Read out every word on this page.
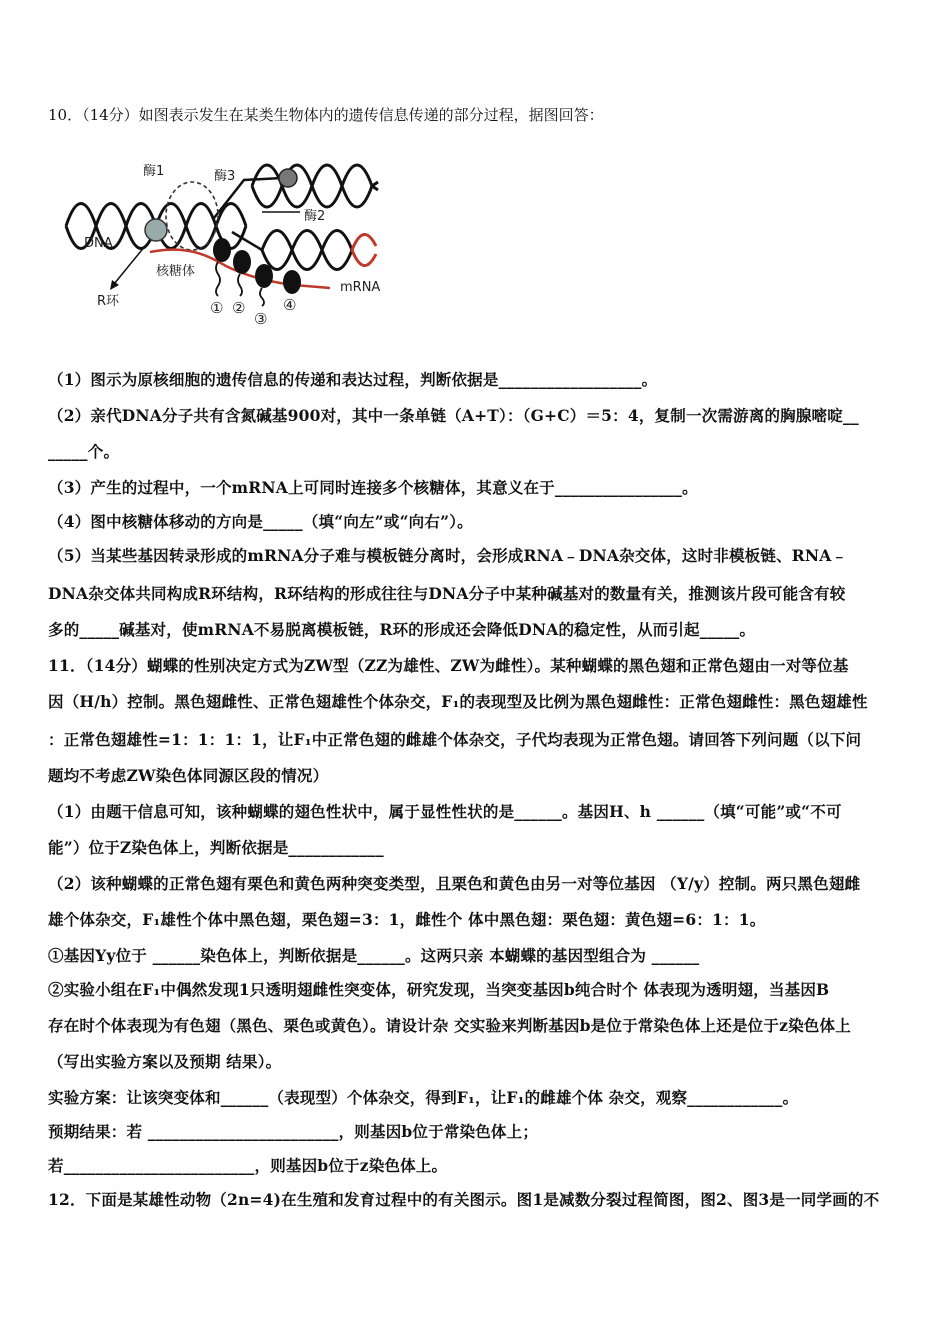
10．（14分）如图表示发生在某类生物体内的遗传信息传递的部分过程，据图回答：
酶1	酶3
酶2
DNA
核糖体
R环
mRNA
① ②
③
④
（1）图示为原核细胞的遗传信息的传递和表达过程，判断依据是__________________。
（2）亲代DNA分子共有含氮碱基900对，其中一条单链（A+T）：（G+C）＝5：4，复制一次需游离的胸腺嘧啶__
_____个。
（3）产生的过程中，一个mRNA上可同时连接多个核糖体，其意义在于________________。
（4）图中核糖体移动的方向是_____（填“向左”或“向右”）。
（5）当某些基因转录形成的mRNA分子难与模板链分离时，会形成RNA﹣DNA杂交体，这时非模板链、RNA﹣
DNA杂交体共同构成R环结构，R环结构的形成往往与DNA分子中某种碱基对的数量有关，推测该片段可能含有较
多的_____碱基对，使mRNA不易脱离模板链，R环的形成还会降低DNA的稳定性，从而引起_____。
11．（14分）蝴蝶的性别决定方式为ZW型（ZZ为雄性、ZW为雌性）。某种蝴蝶的黑色翅和正常色翅由一对等位基
因（H/h）控制。黑色翅雌性、正常色翅雄性个体杂交，F₁的表现型及比例为黑色翅雌性：正常色翅雌性：黑色翅雄性
：正常色翅雄性=1：1：1：1，让F₁中正常色翅的雌雄个体杂交，子代均表现为正常色翅。请回答下列问题（以下问
题均不考虑ZW染色体同源区段的情况）
（1）由题干信息可知，该种蝴蝶的翅色性状中，属于显性性状的是______。基因H、h ______（填“可能”或“不可
能”）位于Z染色体上，判断依据是____________
（2）该种蝴蝶的正常色翅有栗色和黄色两种突变类型，且栗色和黄色由另一对等位基因 （Y/y）控制。两只黑色翅雌
雄个体杂交，F₁雄性个体中黑色翅，栗色翅=3：1，雌性个 体中黑色翅：栗色翅：黄色翅=6：1：1。
①基因Yy位于 ______染色体上，判断依据是______。这两只亲 本蝴蝶的基因型组合为 ______
②实验小组在F₁中偶然发现1只透明翅雌性突变体，研究发现，当突变基因b纯合时个 体表现为透明翅，当基因B
存在时个体表现为有色翅（黑色、栗色或黄色）。请设计杂 交实验来判断基因b是位于常染色体上还是位于z染色体上
（写出实验方案以及预期 结果）。
实验方案：让该突变体和______（表现型）个体杂交，得到F₁，让F₁的雌雄个体 杂交，观察____________。
预期结果：若 ________________________，则基因b位于常染色体上；
若________________________，则基因b位于z染色体上。
12．下面是某雄性动物（2n=4)在生殖和发育过程中的有关图示。图1是减数分裂过程简图，图2、图3是一同学画的不
